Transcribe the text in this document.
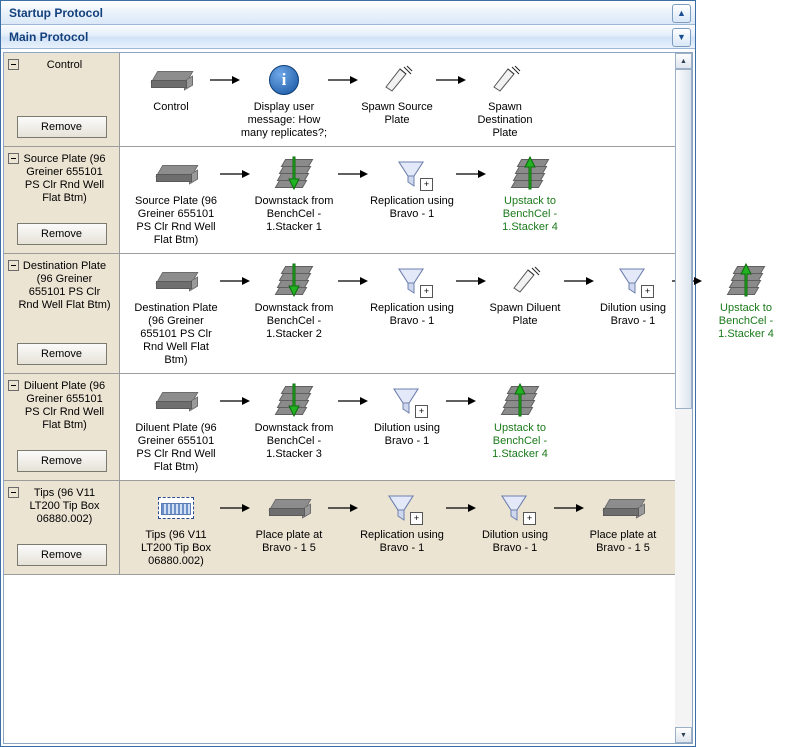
Startup Protocol	▲
Main Protocol	▼
Control
Remove
Control
i
Display user message: How many replicates?;
Spawn Source Plate
Spawn Destination Plate
Source Plate (96 Greiner 655101 PS Clr Rnd Well Flat Btm)
Remove
Source Plate (96 Greiner 655101 PS Clr Rnd Well Flat Btm)
Downstack from BenchCel - 1.Stacker 1
+
Replication using Bravo - 1
Upstack to BenchCel - 1.Stacker 4
Destination Plate (96 Greiner 655101 PS Clr Rnd Well Flat Btm)
Remove
Destination Plate (96 Greiner 655101 PS Clr Rnd Well Flat Btm)
Downstack from BenchCel - 1.Stacker 2
+
Replication using Bravo - 1
Spawn Diluent Plate
+
Dilution using Bravo - 1
Upstack to BenchCel - 1.Stacker 4
Diluent Plate (96 Greiner 655101 PS Clr Rnd Well Flat Btm)
Remove
Diluent Plate (96 Greiner 655101 PS Clr Rnd Well Flat Btm)
Downstack from BenchCel - 1.Stacker 3
+
Dilution using Bravo - 1
Upstack to BenchCel - 1.Stacker 4
Tips (96 V11 LT200 Tip Box 06880.002)
Remove
Tips (96 V11 LT200 Tip Box 06880.002)
Place plate at Bravo - 1 5
+
Replication using Bravo - 1
+
Dilution using Bravo - 1
Place plate at Bravo - 1 5
▲
▼
